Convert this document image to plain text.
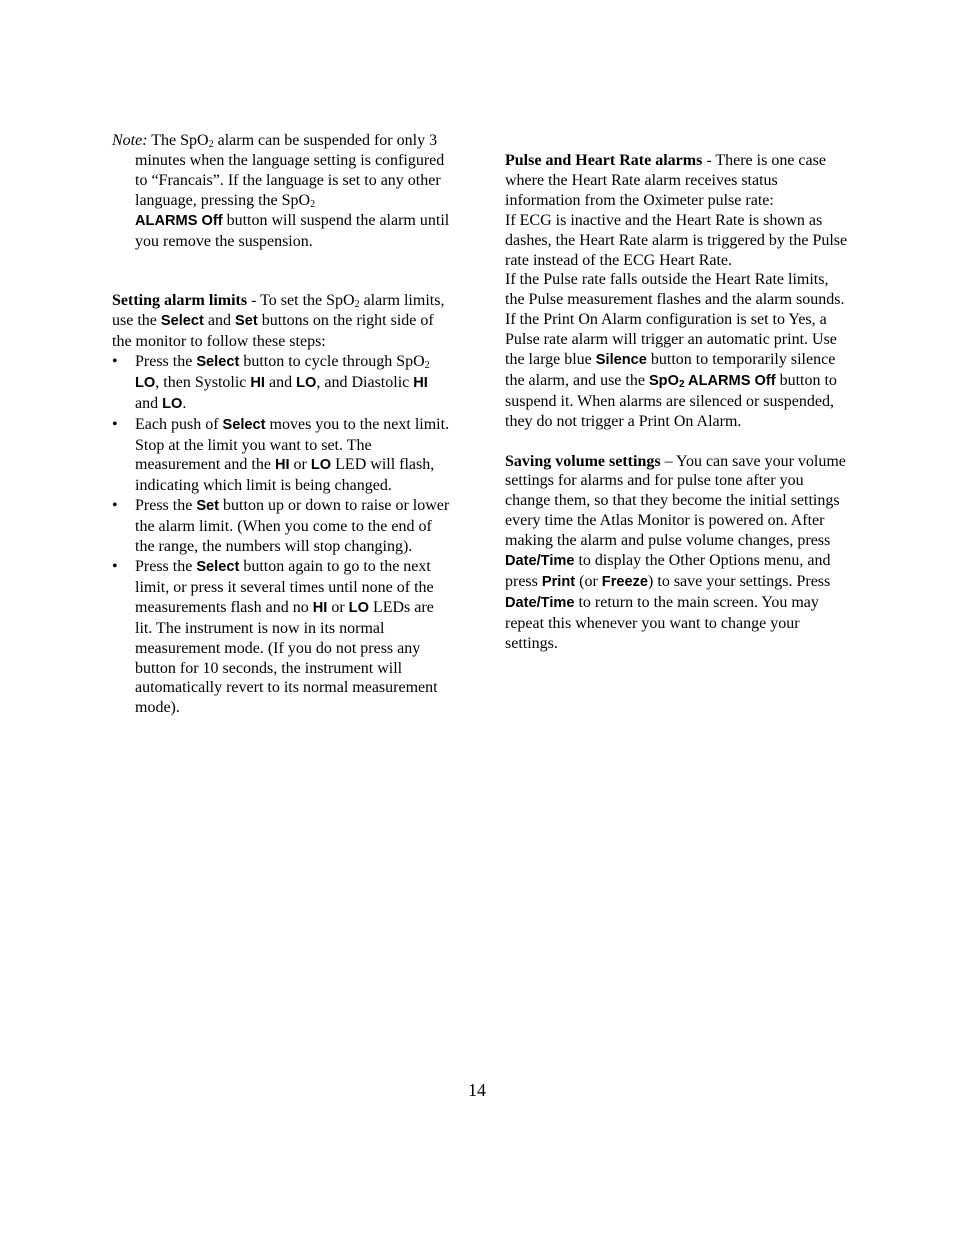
Note: The SpO$_2$ alarm can be suspended for only 3 minutes when the language setting is configured to “Francais”. If the language is set to any other language, pressing the SpO$_2$
ALARMS Off button will suspend the alarm until you remove the suspension.

Setting alarm limits - To set the SpO$_2$ alarm limits, use the Select and Set buttons on the right side of the monitor to follow these steps:

•	Press the Select button to cycle through SpO$_2$ LO, then Systolic HI and LO, and Diastolic HI and LO.
•	Each push of Select moves you to the next limit. Stop at the limit you want to set. The measurement and the HI or LO LED will flash, indicating which limit is being changed.
•	Press the Set button up or down to raise or lower the alarm limit. (When you come to the end of the range, the numbers will stop changing).
•	Press the Select button again to go to the next limit, or press it several times until none of the measurements flash and no HI or LO LEDs are lit. The instrument is now in its normal measurement mode. (If you do not press any button for 10 seconds, the instrument will automatically revert to its normal measurement mode).

Pulse and Heart Rate alarms - There is one case where the Heart Rate alarm receives status information from the Oximeter pulse rate:

If ECG is inactive and the Heart Rate is shown as dashes, the Heart Rate alarm is triggered by the Pulse rate instead of the ECG Heart Rate.

If the Pulse rate falls outside the Heart Rate limits, the Pulse measurement flashes and the alarm sounds. If the Print On Alarm configuration is set to Yes, a Pulse rate alarm will trigger an automatic print. Use the large blue Silence button to temporarily silence the alarm, and use the SpO$_2$ ALARMS Off button to suspend it. When alarms are silenced or suspended, they do not trigger a Print On Alarm.

Saving volume settings – You can save your volume settings for alarms and for pulse tone after you change them, so that they become the initial settings every time the Atlas Monitor is powered on. After making the alarm and pulse volume changes, press Date/Time to display the Other Options menu, and press Print (or Freeze) to save your settings. Press Date/Time to return to the main screen. You may repeat this whenever you want to change your settings.

14
